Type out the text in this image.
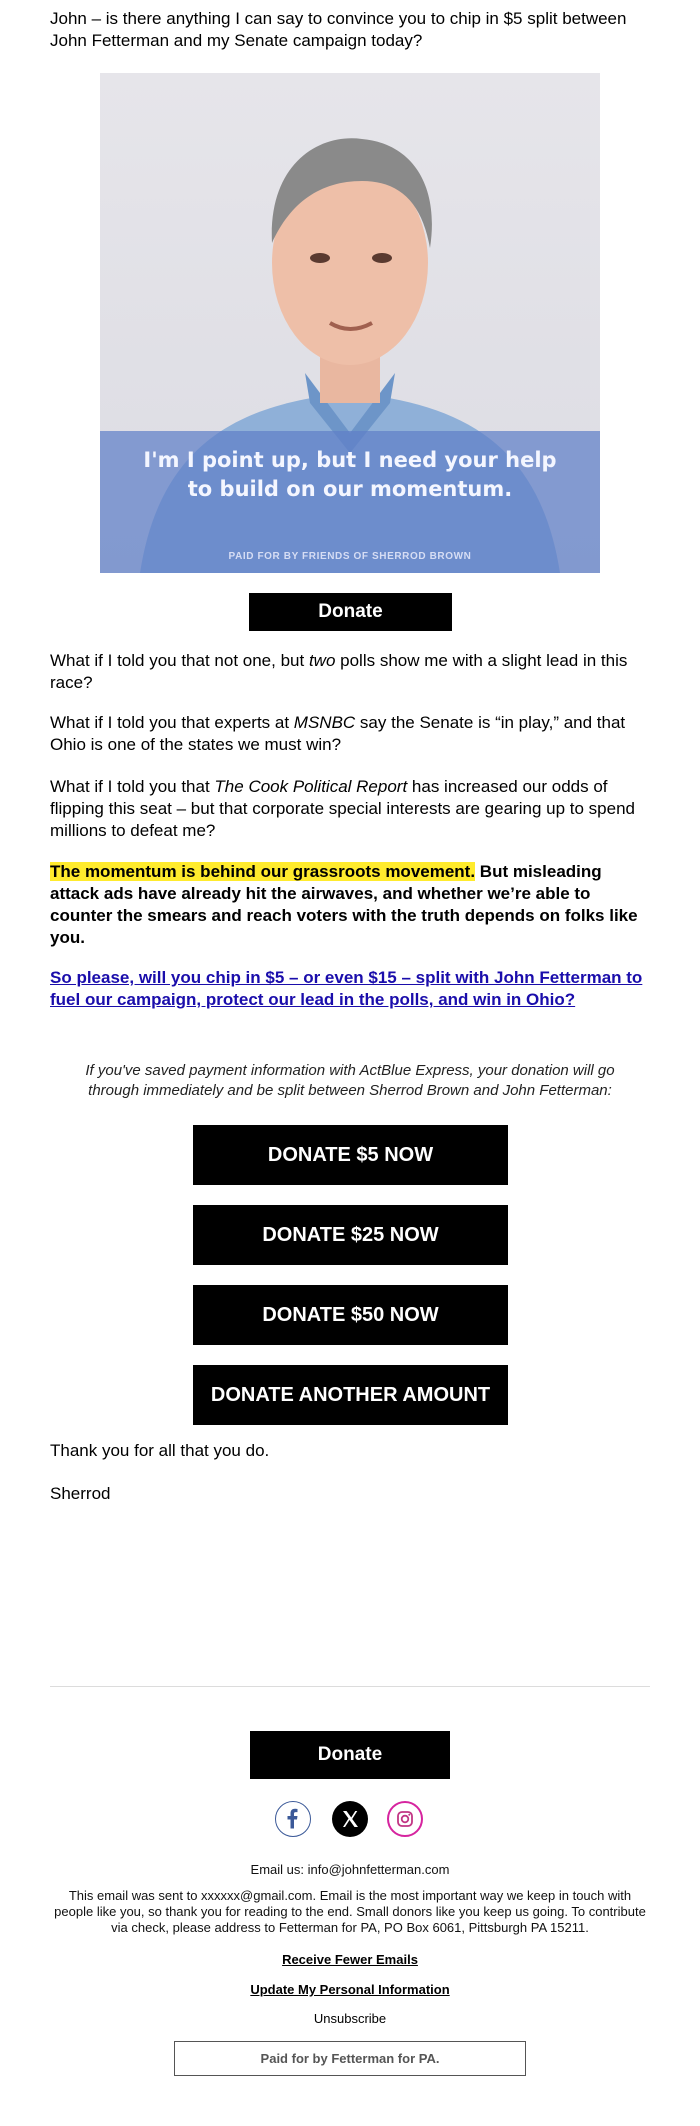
John – is there anything I can say to convince you to chip in $5 split between John Fetterman and my Senate campaign today?

I'm I point up, but I need your help
to build on our momentum.
PAID FOR BY FRIENDS OF SHERROD BROWN
Donate

What if I told you that not one, but two polls show me with a slight lead in this race?

What if I told you that experts at MSNBC say the Senate is “in play,” and that Ohio is one of the states we must win?

What if I told you that The Cook Political Report has increased our odds of flipping this seat – but that corporate special interests are gearing up to spend millions to defeat me?

The momentum is behind our grassroots movement. But misleading attack ads have already hit the airwaves, and whether we’re able to counter the smears and reach voters with the truth depends on folks like you.

So please, will you chip in $5 – or even $15 – split with John Fetterman to fuel our campaign, protect our lead in the polls, and win in Ohio?

If you've saved payment information with ActBlue Express, your donation will go through immediately and be split between Sherrod Brown and John Fetterman:

DONATE $5 NOW
DONATE $25 NOW
DONATE $50 NOW
DONATE ANOTHER AMOUNT

Thank you for all that you do.

Sherrod

Donate
Email us: info@johnfetterman.com
This email was sent to xxxxxx@gmail.com. Email is the most important way we keep in touch with people like you, so thank you for reading to the end. Small donors like you keep us going. To contribute via check, please address to Fetterman for PA, PO Box 6061, Pittsburgh PA 15211.
Receive Fewer Emails
Update My Personal Information
Unsubscribe
Paid for by Fetterman for PA.
